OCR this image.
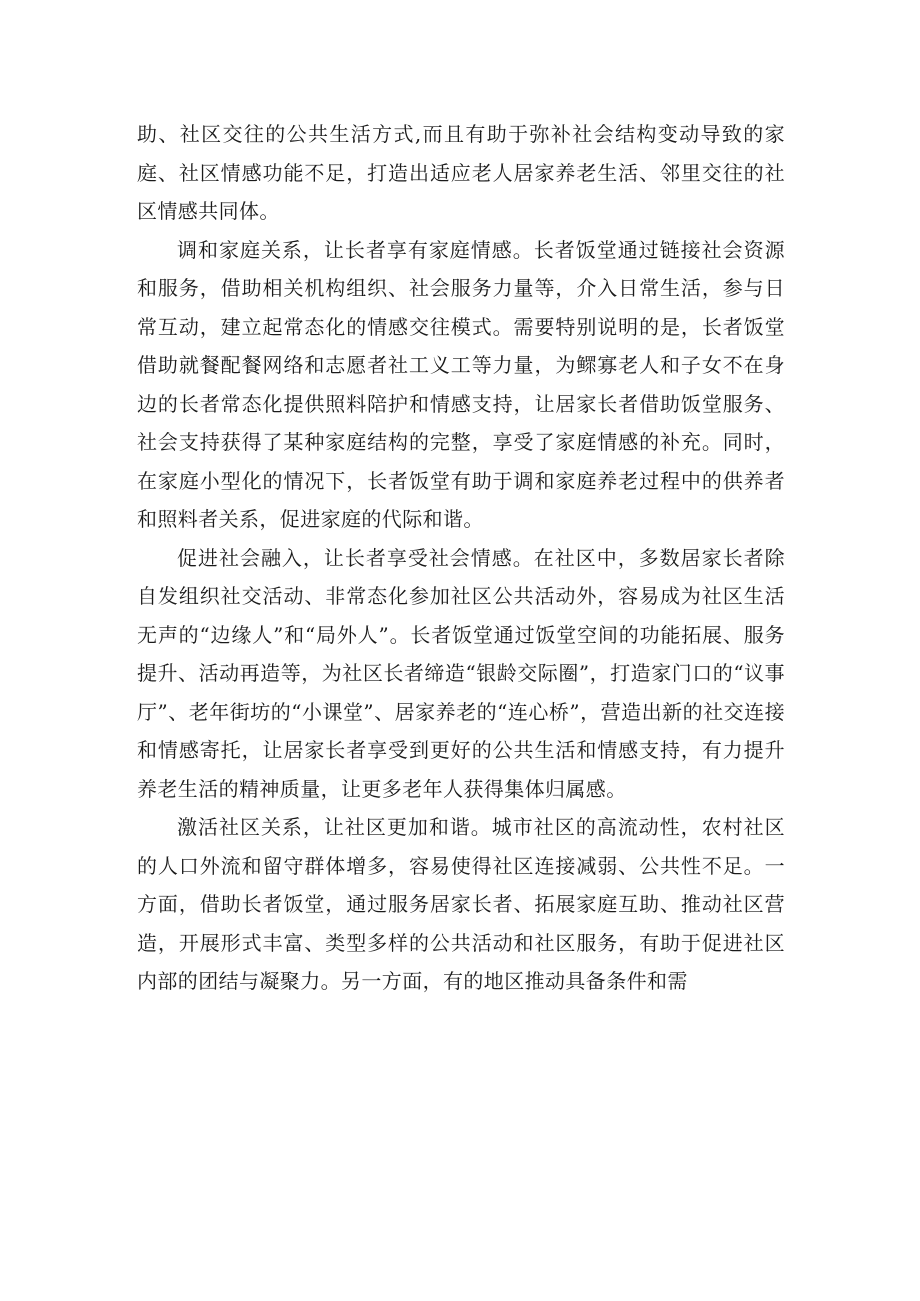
助、社区交往的公共生活方式,而且有助于弥补社会结构变动导致的家庭、社区情感功能不足，打造出适应老人居家养老生活、邻里交往的社区情感共同体。

调和家庭关系，让长者享有家庭情感。长者饭堂通过链接社会资源和服务，借助相关机构组织、社会服务力量等，介入日常生活，参与日常互动，建立起常态化的情感交往模式。需要特别说明的是，长者饭堂借助就餐配餐网络和志愿者社工义工等力量，为鳏寡老人和子女不在身边的长者常态化提供照料陪护和情感支持，让居家长者借助饭堂服务、社会支持获得了某种家庭结构的完整，享受了家庭情感的补充。同时，在家庭小型化的情况下，长者饭堂有助于调和家庭养老过程中的供养者和照料者关系，促进家庭的代际和谐。

促进社会融入，让长者享受社会情感。在社区中，多数居家长者除自发组织社交活动、非常态化参加社区公共活动外，容易成为社区生活无声的“边缘人”和“局外人”。长者饭堂通过饭堂空间的功能拓展、服务提升、活动再造等，为社区长者缔造“银龄交际圈”，打造家门口的“议事厅”、老年街坊的“小课堂”、居家养老的“连心桥”，营造出新的社交连接和情感寄托，让居家长者享受到更好的公共生活和情感支持，有力提升养老生活的精神质量，让更多老年人获得集体归属感。

激活社区关系，让社区更加和谐。城市社区的高流动性，农村社区的人口外流和留守群体增多，容易使得社区连接减弱、公共性不足。一方面，借助长者饭堂，通过服务居家长者、拓展家庭互助、推动社区营造，开展形式丰富、类型多样的公共活动和社区服务，有助于促进社区内部的团结与凝聚力。另一方面，有的地区推动具备条件和需
